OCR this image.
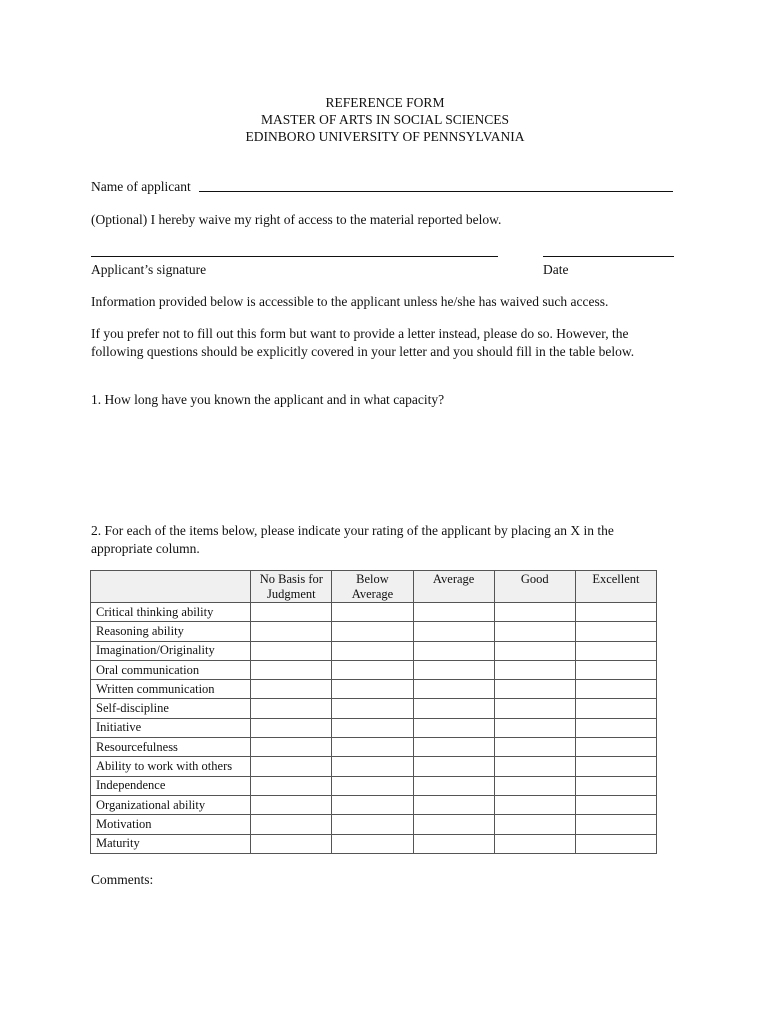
REFERENCE FORM
MASTER OF ARTS IN SOCIAL SCIENCES
EDINBORO UNIVERSITY OF PENNSYLVANIA
Name of applicant
(Optional) I hereby waive my right of access to the material reported below.
Applicant’s signature	Date
Information provided below is accessible to the applicant unless he/she has waived such access.
If you prefer not to fill out this form but want to provide a letter instead, please do so. However, the following questions should be explicitly covered in your letter and you should fill in the table below.
1. How long have you known the applicant and in what capacity?
2. For each of the items below, please indicate your rating of the applicant by placing an X in the appropriate column.
	No Basis for Judgment	Below Average	Average	Good	Excellent
Critical thinking ability					
Reasoning ability					
Imagination/Originality					
Oral communication					
Written communication					
Self-discipline					
Initiative					
Resourcefulness					
Ability to work with others					
Independence					
Organizational ability					
Motivation					
Maturity					
Comments:
